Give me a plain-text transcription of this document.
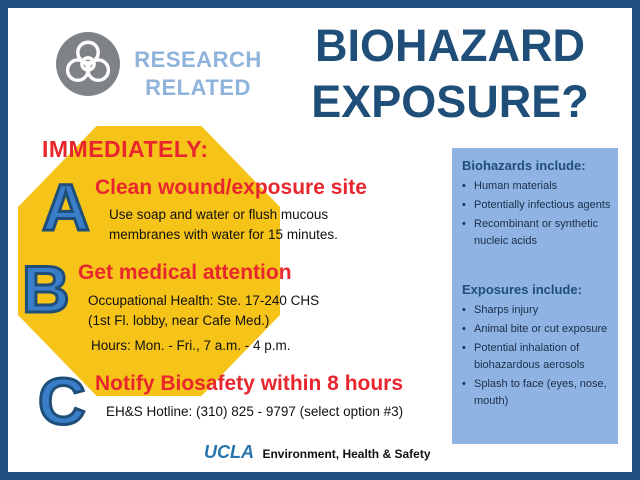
RESEARCH
RELATED
BIOHAZARD
EXPOSURE?
IMMEDIATELY:
A Clean wound/exposure site
Use soap and water or flush mucous
membranes with water for 15 minutes.
B Get medical attention
Occupational Health: Ste. 17-240 CHS
(1st Fl. lobby, near Cafe Med.)
Hours: Mon. - Fri., 7 a.m. - 4 p.m.
C Notify Biosafety within 8 hours
EH&S Hotline: (310) 825 - 9797 (select option #3)
Biohazards include:
• Human materials
• Potentially infectious agents
• Recombinant or synthetic nucleic acids
Exposures include:
• Sharps injury
• Animal bite or cut exposure
• Potential inhalation of biohazardous aerosols
• Splash to face (eyes, nose, mouth)
UCLA Environment, Health & Safety
